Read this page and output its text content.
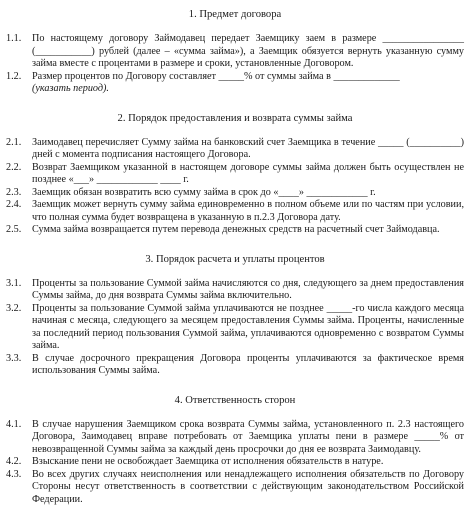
1. Предмет договора
1.1.	По настоящему договору Займодавец передает Заемщику заем в размере ________________ (___________) рублей (далее – «сумма займа»), а Заемщик обязуется вернуть указанную сумму займа вместе с процентами в размере и сроки, установленные Договором.
1.2.	Размер процентов по Договору составляет _____% от суммы займа в _____________
(указать период).
2. Порядок предоставления и возврата суммы займа
2.1.	Заимодавец перечисляет Сумму займа на банковский счет Заемщика в течение _____ (__________) дней с момента подписания настоящего Договора.
2.2.	Возврат Заемщиком указанной в настоящем договоре суммы займа должен быть осуществлен не позднее «___» ____________ ____ г.
2.3.	Заемщик обязан возвратить всю сумму займа в срок до «____» ____________ г.
2.4.	Заемщик может вернуть сумму займа единовременно в полном объеме или по частям при условии, что полная сумма будет возвращена в указанную в п.2.3 Договора дату.
2.5.	Сумма займа возвращается путем перевода денежных средств на расчетный счет Займодавца.
3. Порядок расчета и уплаты процентов
3.1.	Проценты за пользование Суммой займа начисляются со дня, следующего за днем предоставления Суммы займа, до дня возврата Суммы займа включительно.
3.2.	Проценты за пользование Суммой займа уплачиваются не позднее _____-го числа каждого месяца начиная с месяца, следующего за месяцем предоставления Суммы займа. Проценты, начисленные за последний период пользования Суммой займа, уплачиваются одновременно с возвратом Суммы займа.
3.3.	В случае досрочного прекращения Договора проценты уплачиваются за фактическое время использования Суммы займа.
4. Ответственность сторон
4.1.	В случае нарушения Заемщиком срока возврата Суммы займа, установленного п. 2.3 настоящего Договора, Заимодавец вправе потребовать от Заемщика уплаты пени в размере _____% от невозвращенной Суммы займа за каждый день просрочки до дня ее возврата Заимодавцу.
4.2.	Взыскание пени не освобождает Заемщика от исполнения обязательств в натуре.
4.3.	Во всех других случаях неисполнения или ненадлежащего исполнения обязательств по Договору Стороны несут ответственность в соответствии с действующим законодательством Российской Федерации.
